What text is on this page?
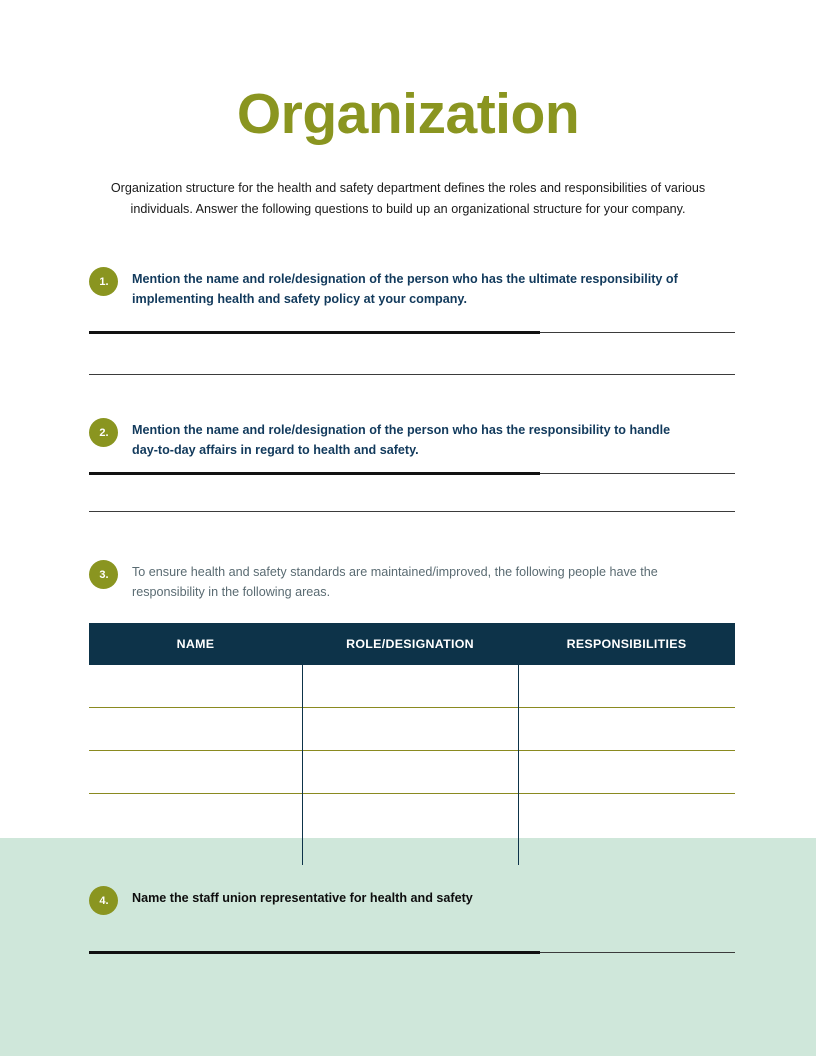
Organization
Organization structure for the health and safety department defines the roles and responsibilities of various individuals. Answer the following questions to build up an organizational structure for your company.
1.	Mention the name and role/designation of the person who has the ultimate responsibility of implementing health and safety policy at your company.
2.	Mention the name and role/designation of the person who has the responsibility to handle day-to-day affairs in regard to health and safety.
3.	To ensure health and safety standards are maintained/improved, the following people have the responsibility in the following areas.
NAME	ROLE/DESIGNATION	RESPONSIBILITIES
4.	Name the staff union representative for health and safety
